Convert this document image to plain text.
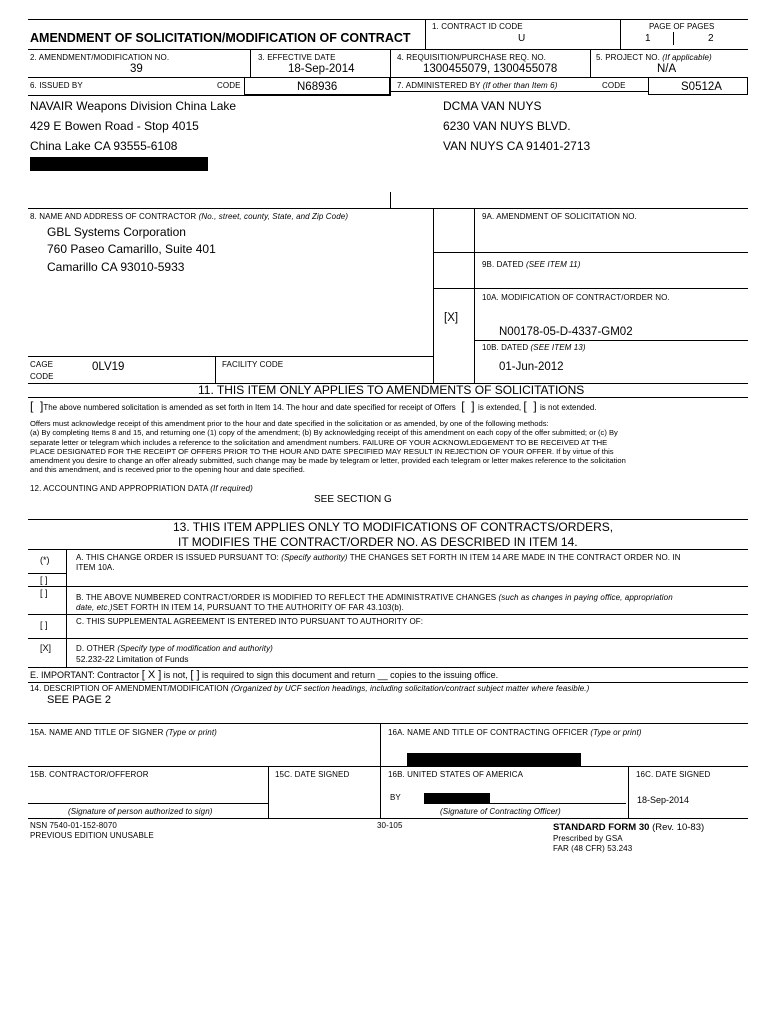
AMENDMENT OF SOLICITATION/MODIFICATION OF CONTRACT
1. CONTRACT ID CODE
U
PAGE OF PAGES
1	2
2. AMENDMENT/MODIFICATION NO.
39
3. EFFECTIVE DATE
18-Sep-2014
4. REQUISITION/PURCHASE REQ. NO.
1300455079, 1300455078
5. PROJECT NO. (If applicable)
N/A
6. ISSUED BY	CODE	N68936	7. ADMINISTERED BY (If other than Item 6)	CODE	S0512A
NAVAIR Weapons Division China Lake
429 E Bowen Road - Stop 4015
China Lake CA 93555-6108
DCMA VAN NUYS
6230 VAN NUYS BLVD.
VAN NUYS CA 91401-2713
8. NAME AND ADDRESS OF CONTRACTOR (No., street, county, State, and Zip Code)
GBL Systems Corporation
760 Paseo Camarillo, Suite 401
Camarillo CA 93010-5933
9A. AMENDMENT OF SOLICITATION NO.
9B. DATED (SEE ITEM 11)
10A. MODIFICATION OF CONTRACT/ORDER NO.
[X]
N00178-05-D-4337-GM02
10B. DATED (SEE ITEM 13)
01-Jun-2012
CAGE
CODE
0LV19	FACILITY CODE
11. THIS ITEM ONLY APPLIES TO AMENDMENTS OF SOLICITATIONS
[  ]The above numbered solicitation is amended as set forth in Item 14. The hour and date specified for receipt of Offers  [  ] is extended, [  ] is not extended.
Offers must acknowledge receipt of this amendment prior to the hour and date specified in the solicitation or as amended, by one of the following methods:
(a) By completing Items 8 and 15, and returning one (1) copy of the amendment; (b) By acknowledging receipt of this amendment on each copy of the offer submitted; or (c) By
separate letter or telegram which includes a reference to the solicitation and amendment numbers. FAILURE OF YOUR ACKNOWLEDGEMENT TO BE RECEIVED AT THE
PLACE DESIGNATED FOR THE RECEIPT OF OFFERS PRIOR TO THE HOUR AND DATE SPECIFIED MAY RESULT IN REJECTION OF YOUR OFFER. If by virtue of this
amendment you desire to change an offer already submitted, such change may be made by telegram or letter, provided each telegram or letter makes reference to the solicitation
and this amendment, and is received prior to the opening hour and date specified.
12. ACCOUNTING AND APPROPRIATION DATA (If required)
SEE SECTION G
13. THIS ITEM APPLIES ONLY TO MODIFICATIONS OF CONTRACTS/ORDERS,
IT MODIFIES THE CONTRACT/ORDER NO. AS DESCRIBED IN ITEM 14.
(*)	A. THIS CHANGE ORDER IS ISSUED PURSUANT TO: (Specify authority) THE CHANGES SET FORTH IN ITEM 14 ARE MADE IN THE CONTRACT ORDER NO. IN
ITEM 10A.
[ ]
[ ]	B. THE ABOVE NUMBERED CONTRACT/ORDER IS MODIFIED TO REFLECT THE ADMINISTRATIVE CHANGES (such as changes in paying office, appropriation
date, etc.)SET FORTH IN ITEM 14, PURSUANT TO THE AUTHORITY OF FAR 43.103(b).
[ ]	C. THIS SUPPLEMENTAL AGREEMENT IS ENTERED INTO PURSUANT TO AUTHORITY OF:
[X]	D. OTHER (Specify type of modification and authority)
52.232-22 Limitation of Funds
E. IMPORTANT: Contractor [ X ] is not, [ ] is required to sign this document and return __ copies to the issuing office.
14. DESCRIPTION OF AMENDMENT/MODIFICATION (Organized by UCF section headings, including solicitation/contract subject matter where feasible.)
SEE PAGE 2
15A. NAME AND TITLE OF SIGNER (Type or print)	16A. NAME AND TITLE OF CONTRACTING OFFICER (Type or print)
15B. CONTRACTOR/OFFEROR	15C. DATE SIGNED	16B. UNITED STATES OF AMERICA	16C. DATE SIGNED
BY	18-Sep-2014
(Signature of person authorized to sign)	(Signature of Contracting Officer)
NSN 7540-01-152-8070
PREVIOUS EDITION UNUSABLE
30-105	STANDARD FORM 30 (Rev. 10-83)
Prescribed by GSA
FAR (48 CFR) 53.243
